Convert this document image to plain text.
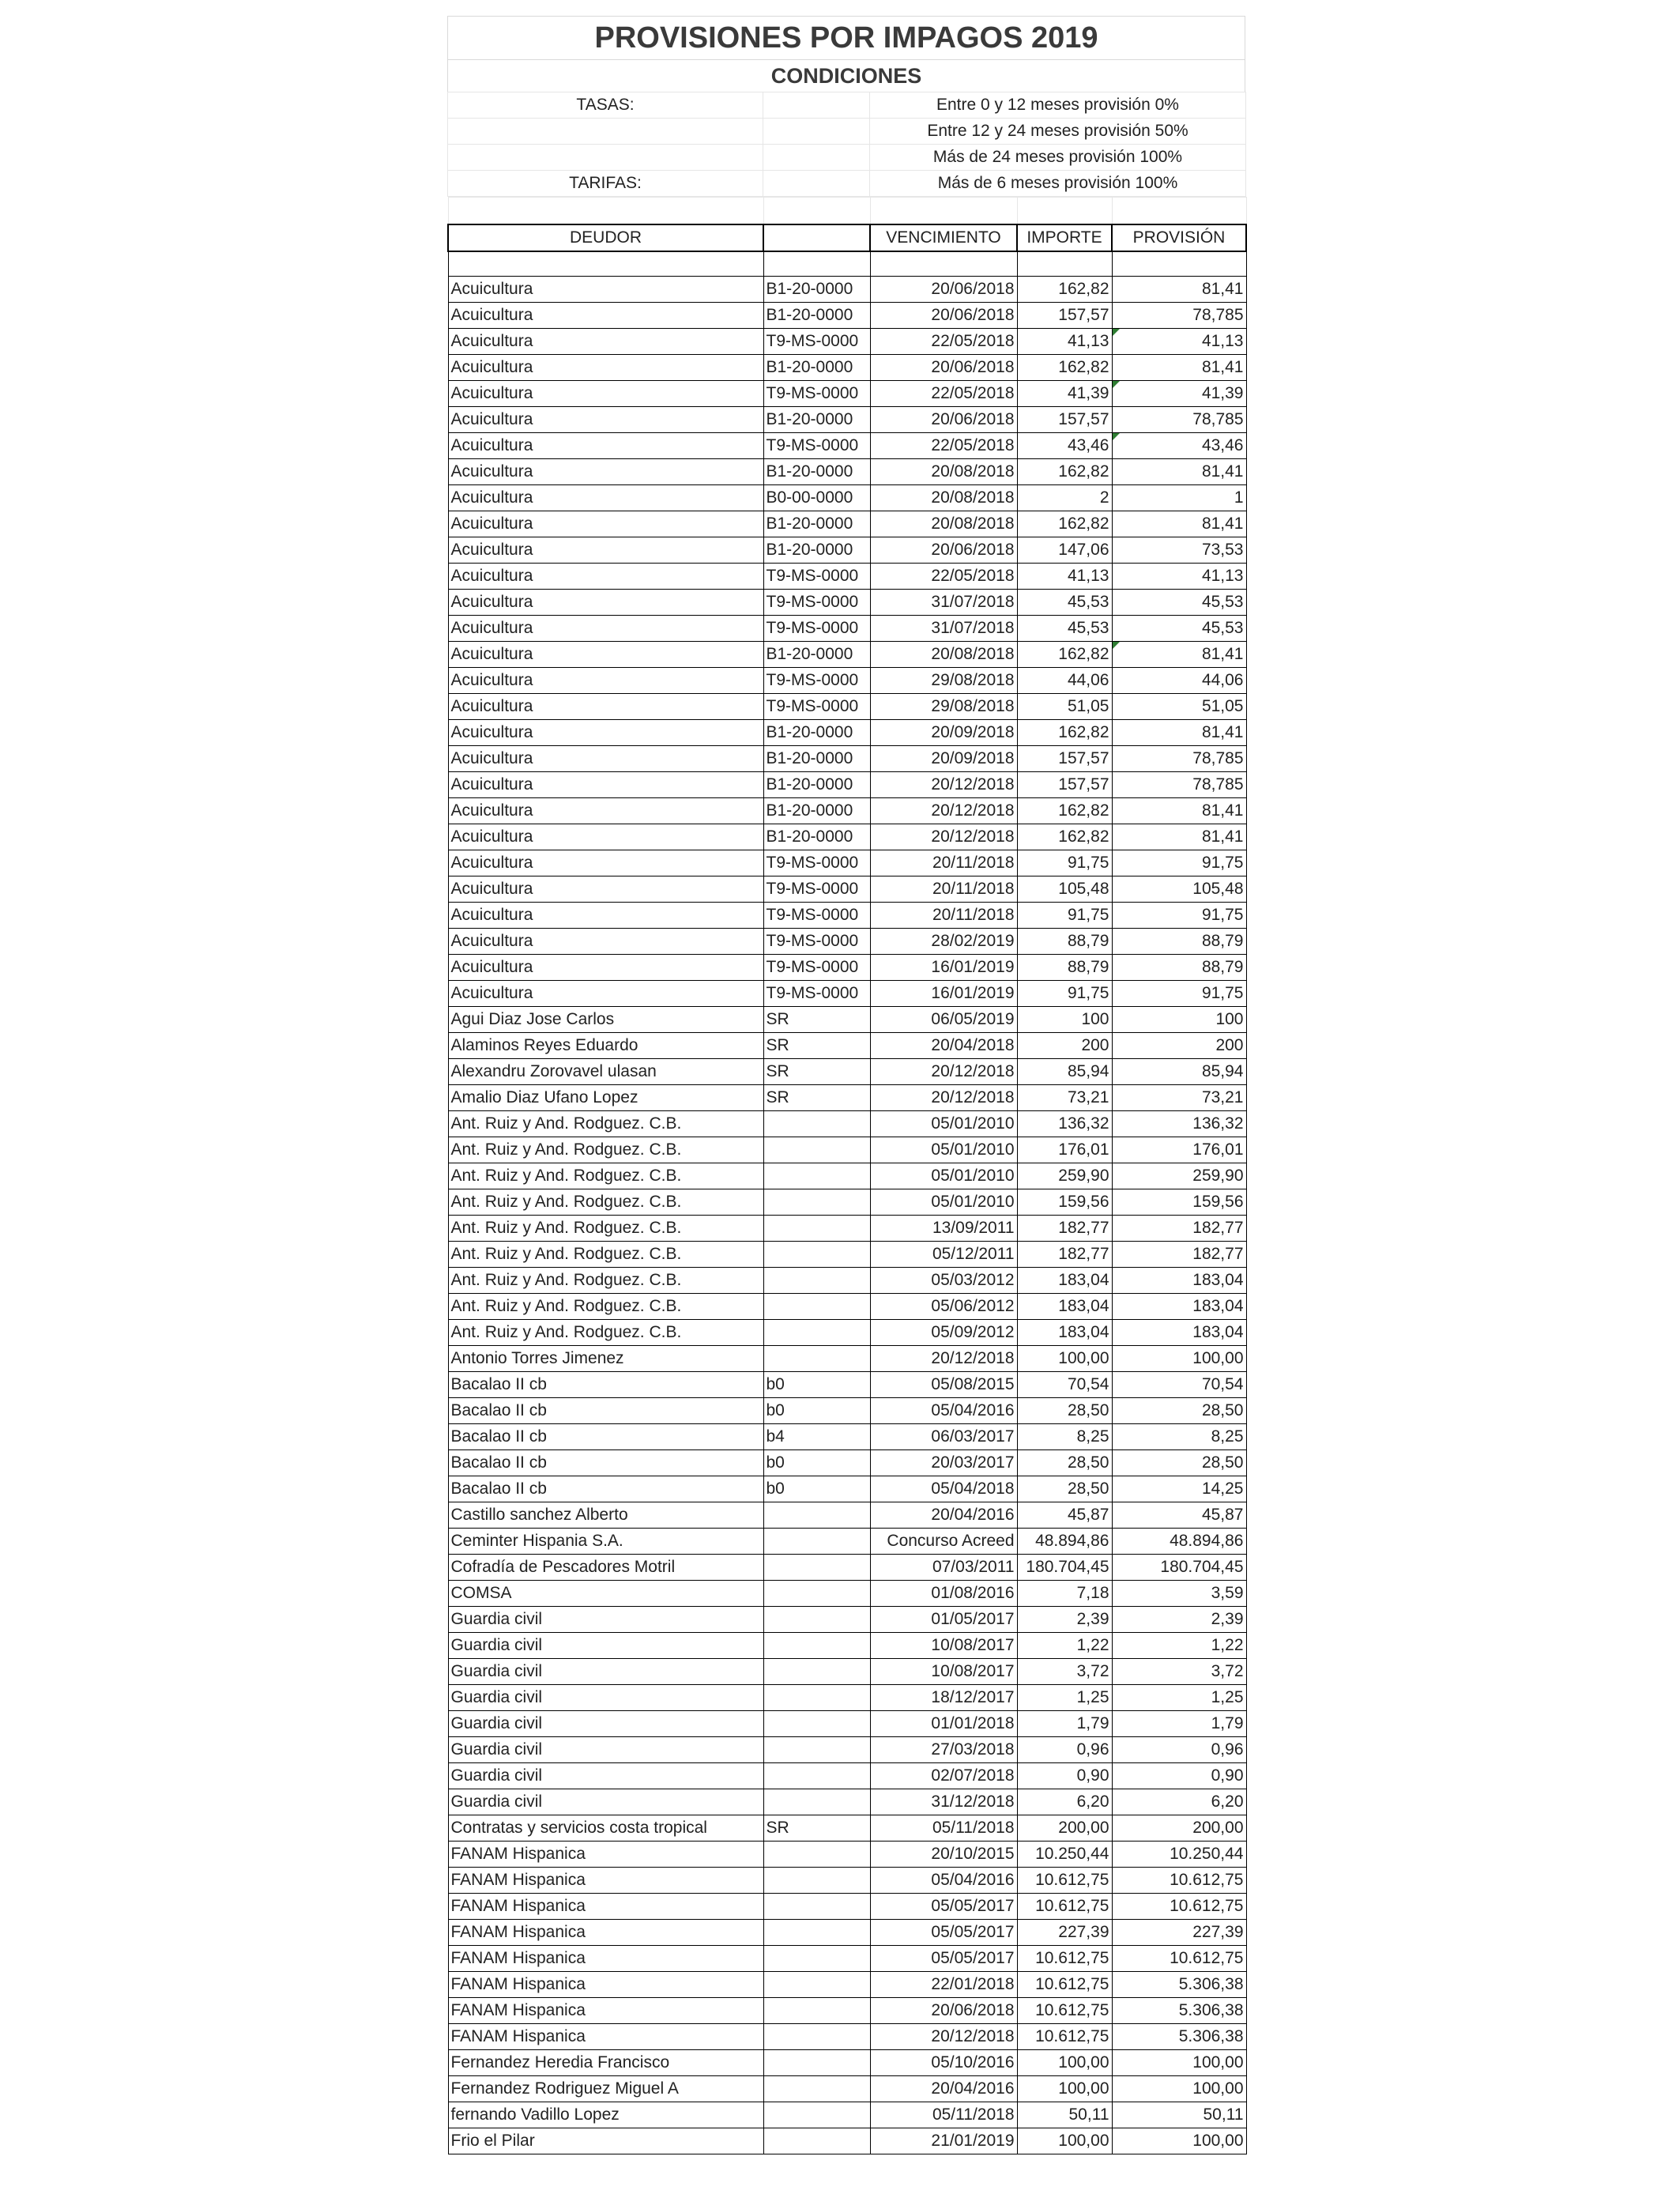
PROVISIONES POR IMPAGOS 2019
CONDICIONES
TASAS:		Entre 0 y 12 meses provisión 0%
		Entre 12 y 24 meses provisión 50%
		Más de 24 meses provisión 100%
TARIFAS:		Más de 6 meses provisión 100%

DEUDOR		VENCIMIENTO	IMPORTE	PROVISIÓN

Acuicultura	B1-20-0000	20/06/2018	162,82	81,41
Acuicultura	B1-20-0000	20/06/2018	157,57	78,785
Acuicultura	T9-MS-0000	22/05/2018	41,13	41,13
Acuicultura	B1-20-0000	20/06/2018	162,82	81,41
Acuicultura	T9-MS-0000	22/05/2018	41,39	41,39
Acuicultura	B1-20-0000	20/06/2018	157,57	78,785
Acuicultura	T9-MS-0000	22/05/2018	43,46	43,46
Acuicultura	B1-20-0000	20/08/2018	162,82	81,41
Acuicultura	B0-00-0000	20/08/2018	2	1
Acuicultura	B1-20-0000	20/08/2018	162,82	81,41
Acuicultura	B1-20-0000	20/06/2018	147,06	73,53
Acuicultura	T9-MS-0000	22/05/2018	41,13	41,13
Acuicultura	T9-MS-0000	31/07/2018	45,53	45,53
Acuicultura	T9-MS-0000	31/07/2018	45,53	45,53
Acuicultura	B1-20-0000	20/08/2018	162,82	81,41
Acuicultura	T9-MS-0000	29/08/2018	44,06	44,06
Acuicultura	T9-MS-0000	29/08/2018	51,05	51,05
Acuicultura	B1-20-0000	20/09/2018	162,82	81,41
Acuicultura	B1-20-0000	20/09/2018	157,57	78,785
Acuicultura	B1-20-0000	20/12/2018	157,57	78,785
Acuicultura	B1-20-0000	20/12/2018	162,82	81,41
Acuicultura	B1-20-0000	20/12/2018	162,82	81,41
Acuicultura	T9-MS-0000	20/11/2018	91,75	91,75
Acuicultura	T9-MS-0000	20/11/2018	105,48	105,48
Acuicultura	T9-MS-0000	20/11/2018	91,75	91,75
Acuicultura	T9-MS-0000	28/02/2019	88,79	88,79
Acuicultura	T9-MS-0000	16/01/2019	88,79	88,79
Acuicultura	T9-MS-0000	16/01/2019	91,75	91,75
Agui Diaz Jose Carlos	SR	06/05/2019	100	100
Alaminos Reyes Eduardo	SR	20/04/2018	200	200
Alexandru Zorovavel ulasan	SR	20/12/2018	85,94	85,94
Amalio Diaz Ufano Lopez	SR	20/12/2018	73,21	73,21
Ant. Ruiz y And. Rodguez. C.B.		05/01/2010	136,32	136,32
Ant. Ruiz y And. Rodguez. C.B.		05/01/2010	176,01	176,01
Ant. Ruiz y And. Rodguez. C.B.		05/01/2010	259,90	259,90
Ant. Ruiz y And. Rodguez. C.B.		05/01/2010	159,56	159,56
Ant. Ruiz y And. Rodguez. C.B.		13/09/2011	182,77	182,77
Ant. Ruiz y And. Rodguez. C.B.		05/12/2011	182,77	182,77
Ant. Ruiz y And. Rodguez. C.B.		05/03/2012	183,04	183,04
Ant. Ruiz y And. Rodguez. C.B.		05/06/2012	183,04	183,04
Ant. Ruiz y And. Rodguez. C.B.		05/09/2012	183,04	183,04
Antonio Torres Jimenez		20/12/2018	100,00	100,00
Bacalao II cb	b0	05/08/2015	70,54	70,54
Bacalao II cb	b0	05/04/2016	28,50	28,50
Bacalao II cb	b4	06/03/2017	8,25	8,25
Bacalao II cb	b0	20/03/2017	28,50	28,50
Bacalao II cb	b0	05/04/2018	28,50	14,25
Castillo sanchez Alberto		20/04/2016	45,87	45,87
Ceminter Hispania S.A.		Concurso Acreed	48.894,86	48.894,86
Cofradía de Pescadores Motril		07/03/2011	180.704,45	180.704,45
COMSA		01/08/2016	7,18	3,59
Guardia civil		01/05/2017	2,39	2,39
Guardia civil		10/08/2017	1,22	1,22
Guardia civil		10/08/2017	3,72	3,72
Guardia civil		18/12/2017	1,25	1,25
Guardia civil		01/01/2018	1,79	1,79
Guardia civil		27/03/2018	0,96	0,96
Guardia civil		02/07/2018	0,90	0,90
Guardia civil		31/12/2018	6,20	6,20
Contratas y servicios costa tropical	SR	05/11/2018	200,00	200,00
FANAM Hispanica		20/10/2015	10.250,44	10.250,44
FANAM Hispanica		05/04/2016	10.612,75	10.612,75
FANAM Hispanica		05/05/2017	10.612,75	10.612,75
FANAM Hispanica		05/05/2017	227,39	227,39
FANAM Hispanica		05/05/2017	10.612,75	10.612,75
FANAM Hispanica		22/01/2018	10.612,75	5.306,38
FANAM Hispanica		20/06/2018	10.612,75	5.306,38
FANAM Hispanica		20/12/2018	10.612,75	5.306,38
Fernandez Heredia Francisco		05/10/2016	100,00	100,00
Fernandez Rodriguez Miguel A		20/04/2016	100,00	100,00
fernando Vadillo Lopez		05/11/2018	50,11	50,11
Frio el Pilar		21/01/2019	100,00	100,00
